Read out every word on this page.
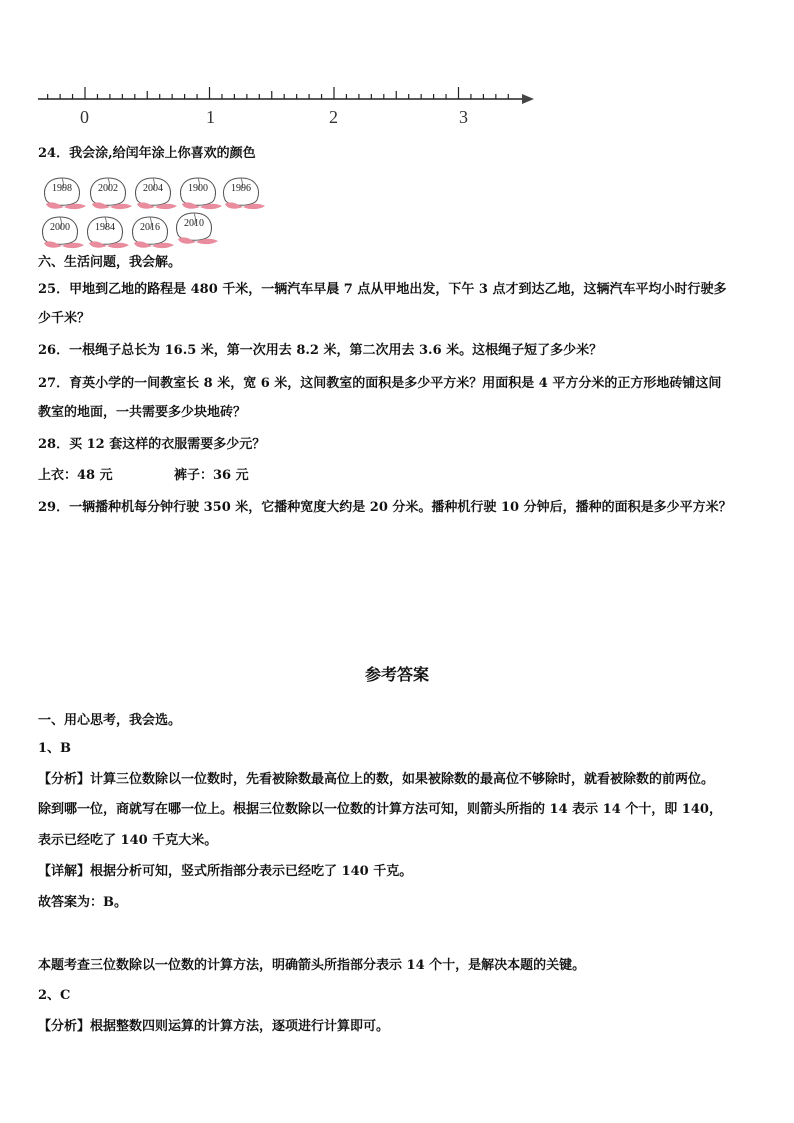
0	1	2	3
24．我会涂,给闰年涂上你喜欢的颜色
1998	2002	2004	1900	1996
2000	1984	2016	2010
六、生活问题，我会解。
25．甲地到乙地的路程是 480 千米，一辆汽车早晨 7 点从甲地出发，下午 3 点才到达乙地，这辆汽车平均小时行驶多
少千米？
26．一根绳子总长为 16.5 米，第一次用去 8.2 米，第二次用去 3.6 米。这根绳子短了多少米？
27．育英小学的一间教室长 8 米，宽 6 米，这间教室的面积是多少平方米？用面积是 4 平方分米的正方形地砖铺这间
教室的地面，一共需要多少块地砖？
28．买 12 套这样的衣服需要多少元？
上衣：48 元	裤子：36 元
29．一辆播种机每分钟行驶 350 米，它播种宽度大约是 20 分米。播种机行驶 10 分钟后，播种的面积是多少平方米？
参考答案
一、用心思考，我会选。
1、B
【分析】计算三位数除以一位数时，先看被除数最高位上的数，如果被除数的最高位不够除时，就看被除数的前两位。
除到哪一位，商就写在哪一位上。根据三位数除以一位数的计算方法可知，则箭头所指的 14 表示 14 个十，即 140，
表示已经吃了 140 千克大米。
【详解】根据分析可知，竖式所指部分表示已经吃了 140 千克。
故答案为：B。
本题考查三位数除以一位数的计算方法，明确箭头所指部分表示 14 个十，是解决本题的关键。
2、C
【分析】根据整数四则运算的计算方法，逐项进行计算即可。
